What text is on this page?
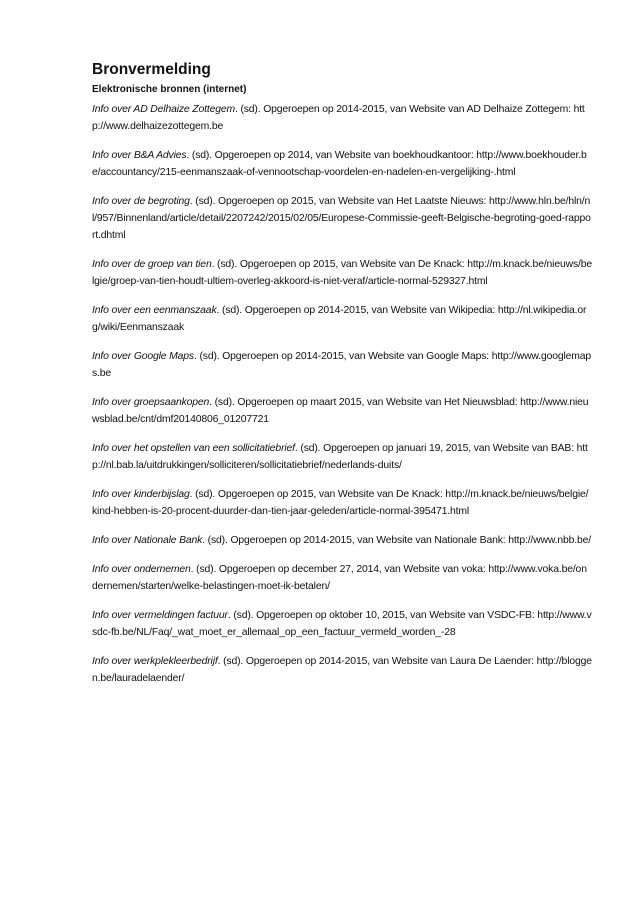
Bronvermelding
Elektronische bronnen (internet)

Info over AD Delhaize Zottegem. (sd). Opgeroepen op 2014-2015, van Website van AD Delhaize Zottegem: http://www.delhaizezottegem.be

Info over B&A Advies. (sd). Opgeroepen op 2014, van Website van boekhoudkantoor: http://www.boekhouder.be/accountancy/215-eenmanszaak-of-vennootschap-voordelen-en-nadelen-en-vergelijking-.html

Info over de begroting. (sd). Opgeroepen op 2015, van Website van Het Laatste Nieuws: http://www.hln.be/hln/nl/957/Binnenland/article/detail/2207242/2015/02/05/Europese-Commissie-geeft-Belgische-begroting-goed-rapport.dhtml

Info over de groep van tien. (sd). Opgeroepen op 2015, van Website van De Knack: http://m.knack.be/nieuws/belgie/groep-van-tien-houdt-ultiem-overleg-akkoord-is-niet-veraf/article-normal-529327.html

Info over een eenmanszaak. (sd). Opgeroepen op 2014-2015, van Website van Wikipedia: http://nl.wikipedia.org/wiki/Eenmanszaak

Info over Google Maps. (sd). Opgeroepen op 2014-2015, van Website van Google Maps: http://www.googlemaps.be

Info over groepsaankopen. (sd). Opgeroepen op maart 2015, van Website van Het Nieuwsblad: http://www.nieuwsblad.be/cnt/dmf20140806_01207721

Info over het opstellen van een sollicitatiebrief. (sd). Opgeroepen op januari 19, 2015, van Website van BAB: http://nl.bab.la/uitdrukkingen/solliciteren/sollicitatiebrief/nederlands-duits/

Info over kinderbijslag. (sd). Opgeroepen op 2015, van Website van De Knack: http://m.knack.be/nieuws/belgie/kind-hebben-is-20-procent-duurder-dan-tien-jaar-geleden/article-normal-395471.html

Info over Nationale Bank. (sd). Opgeroepen op 2014-2015, van Website van Nationale Bank: http://www.nbb.be/

Info over ondernemen. (sd). Opgeroepen op december 27, 2014, van Website van voka: http://www.voka.be/ondernemen/starten/welke-belastingen-moet-ik-betalen/

Info over vermeldingen factuur. (sd). Opgeroepen op oktober 10, 2015, van Website van VSDC-FB: http://www.vsdc-fb.be/NL/Faq/_wat_moet_er_allemaal_op_een_factuur_vermeld_worden_-28

Info over werkplekleerbedrijf. (sd). Opgeroepen op 2014-2015, van Website van Laura De Laender: http://bloggen.be/lauradelaender/
